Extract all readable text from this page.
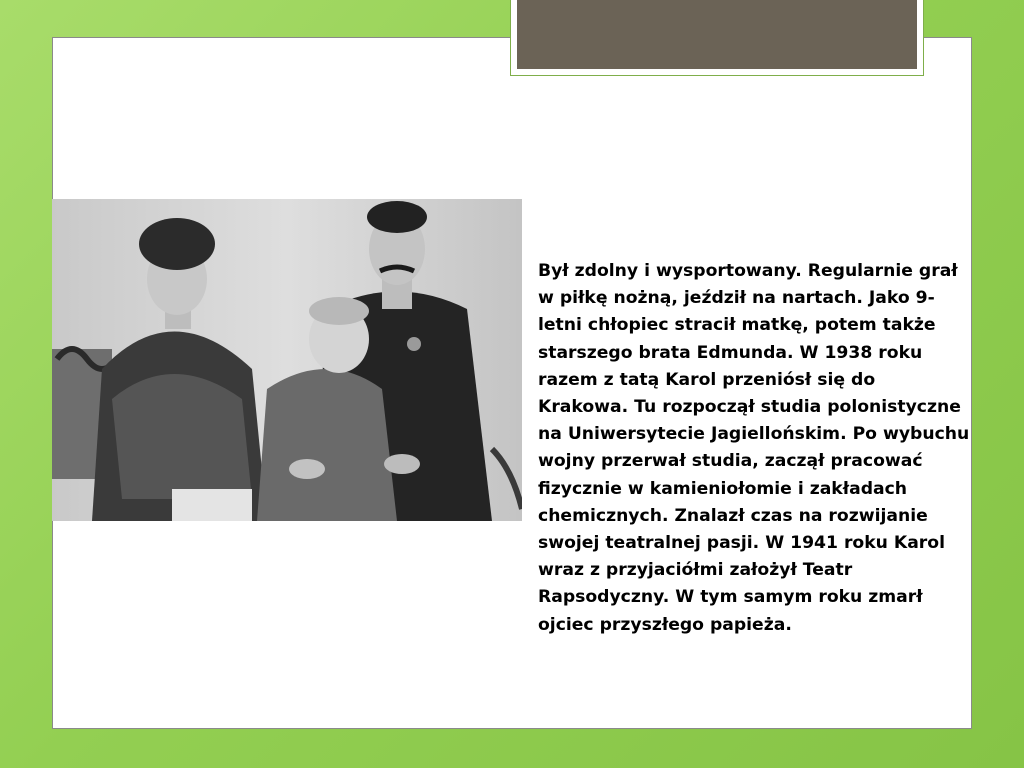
Był zdolny i wysportowany. Regularnie grał w piłkę nożną, jeździł na nartach. Jako 9-letni chłopiec stracił matkę, potem także starszego brata Edmunda. W 1938 roku razem z tatą Karol przeniósł się do Krakowa. Tu rozpoczął studia polonistyczne na Uniwersytecie Jagiellońskim. Po wybuchu wojny przerwał studia, zaczął pracować fizycznie w kamieniołomie i zakładach chemicznych. Znalazł czas na rozwijanie swojej teatralnej pasji. W 1941 roku Karol wraz z przyjaciółmi założył Teatr Rapsodyczny. W tym samym roku zmarł ojciec przyszłego papieża.
